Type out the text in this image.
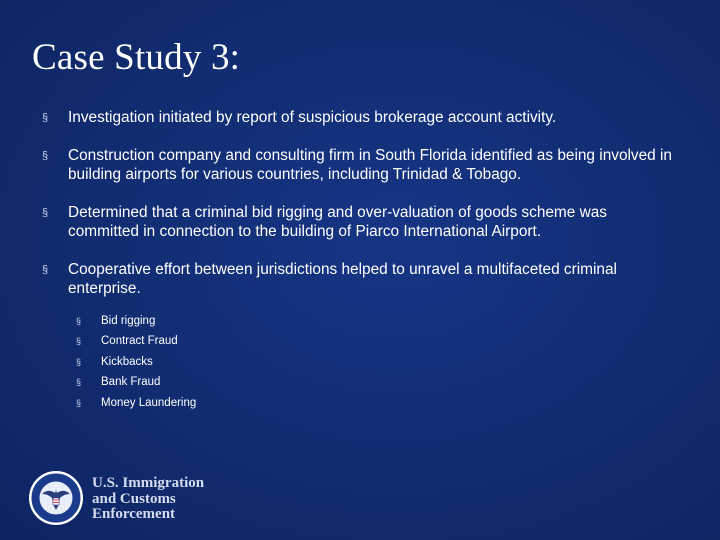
Case Study 3:
§ Investigation initiated by report of suspicious brokerage account activity.
§ Construction company and consulting firm in South Florida identified as being involved in building airports for various countries, including Trinidad & Tobago.
§ Determined that a criminal bid rigging and over-valuation of goods scheme was committed in connection to the building of Piarco International Airport.
§ Cooperative effort between jurisdictions helped to unravel a multifaceted criminal enterprise.
§ Bid rigging
§ Contract Fraud
§ Kickbacks
§ Bank Fraud
§ Money Laundering
U.S. Immigration
and Customs
Enforcement
